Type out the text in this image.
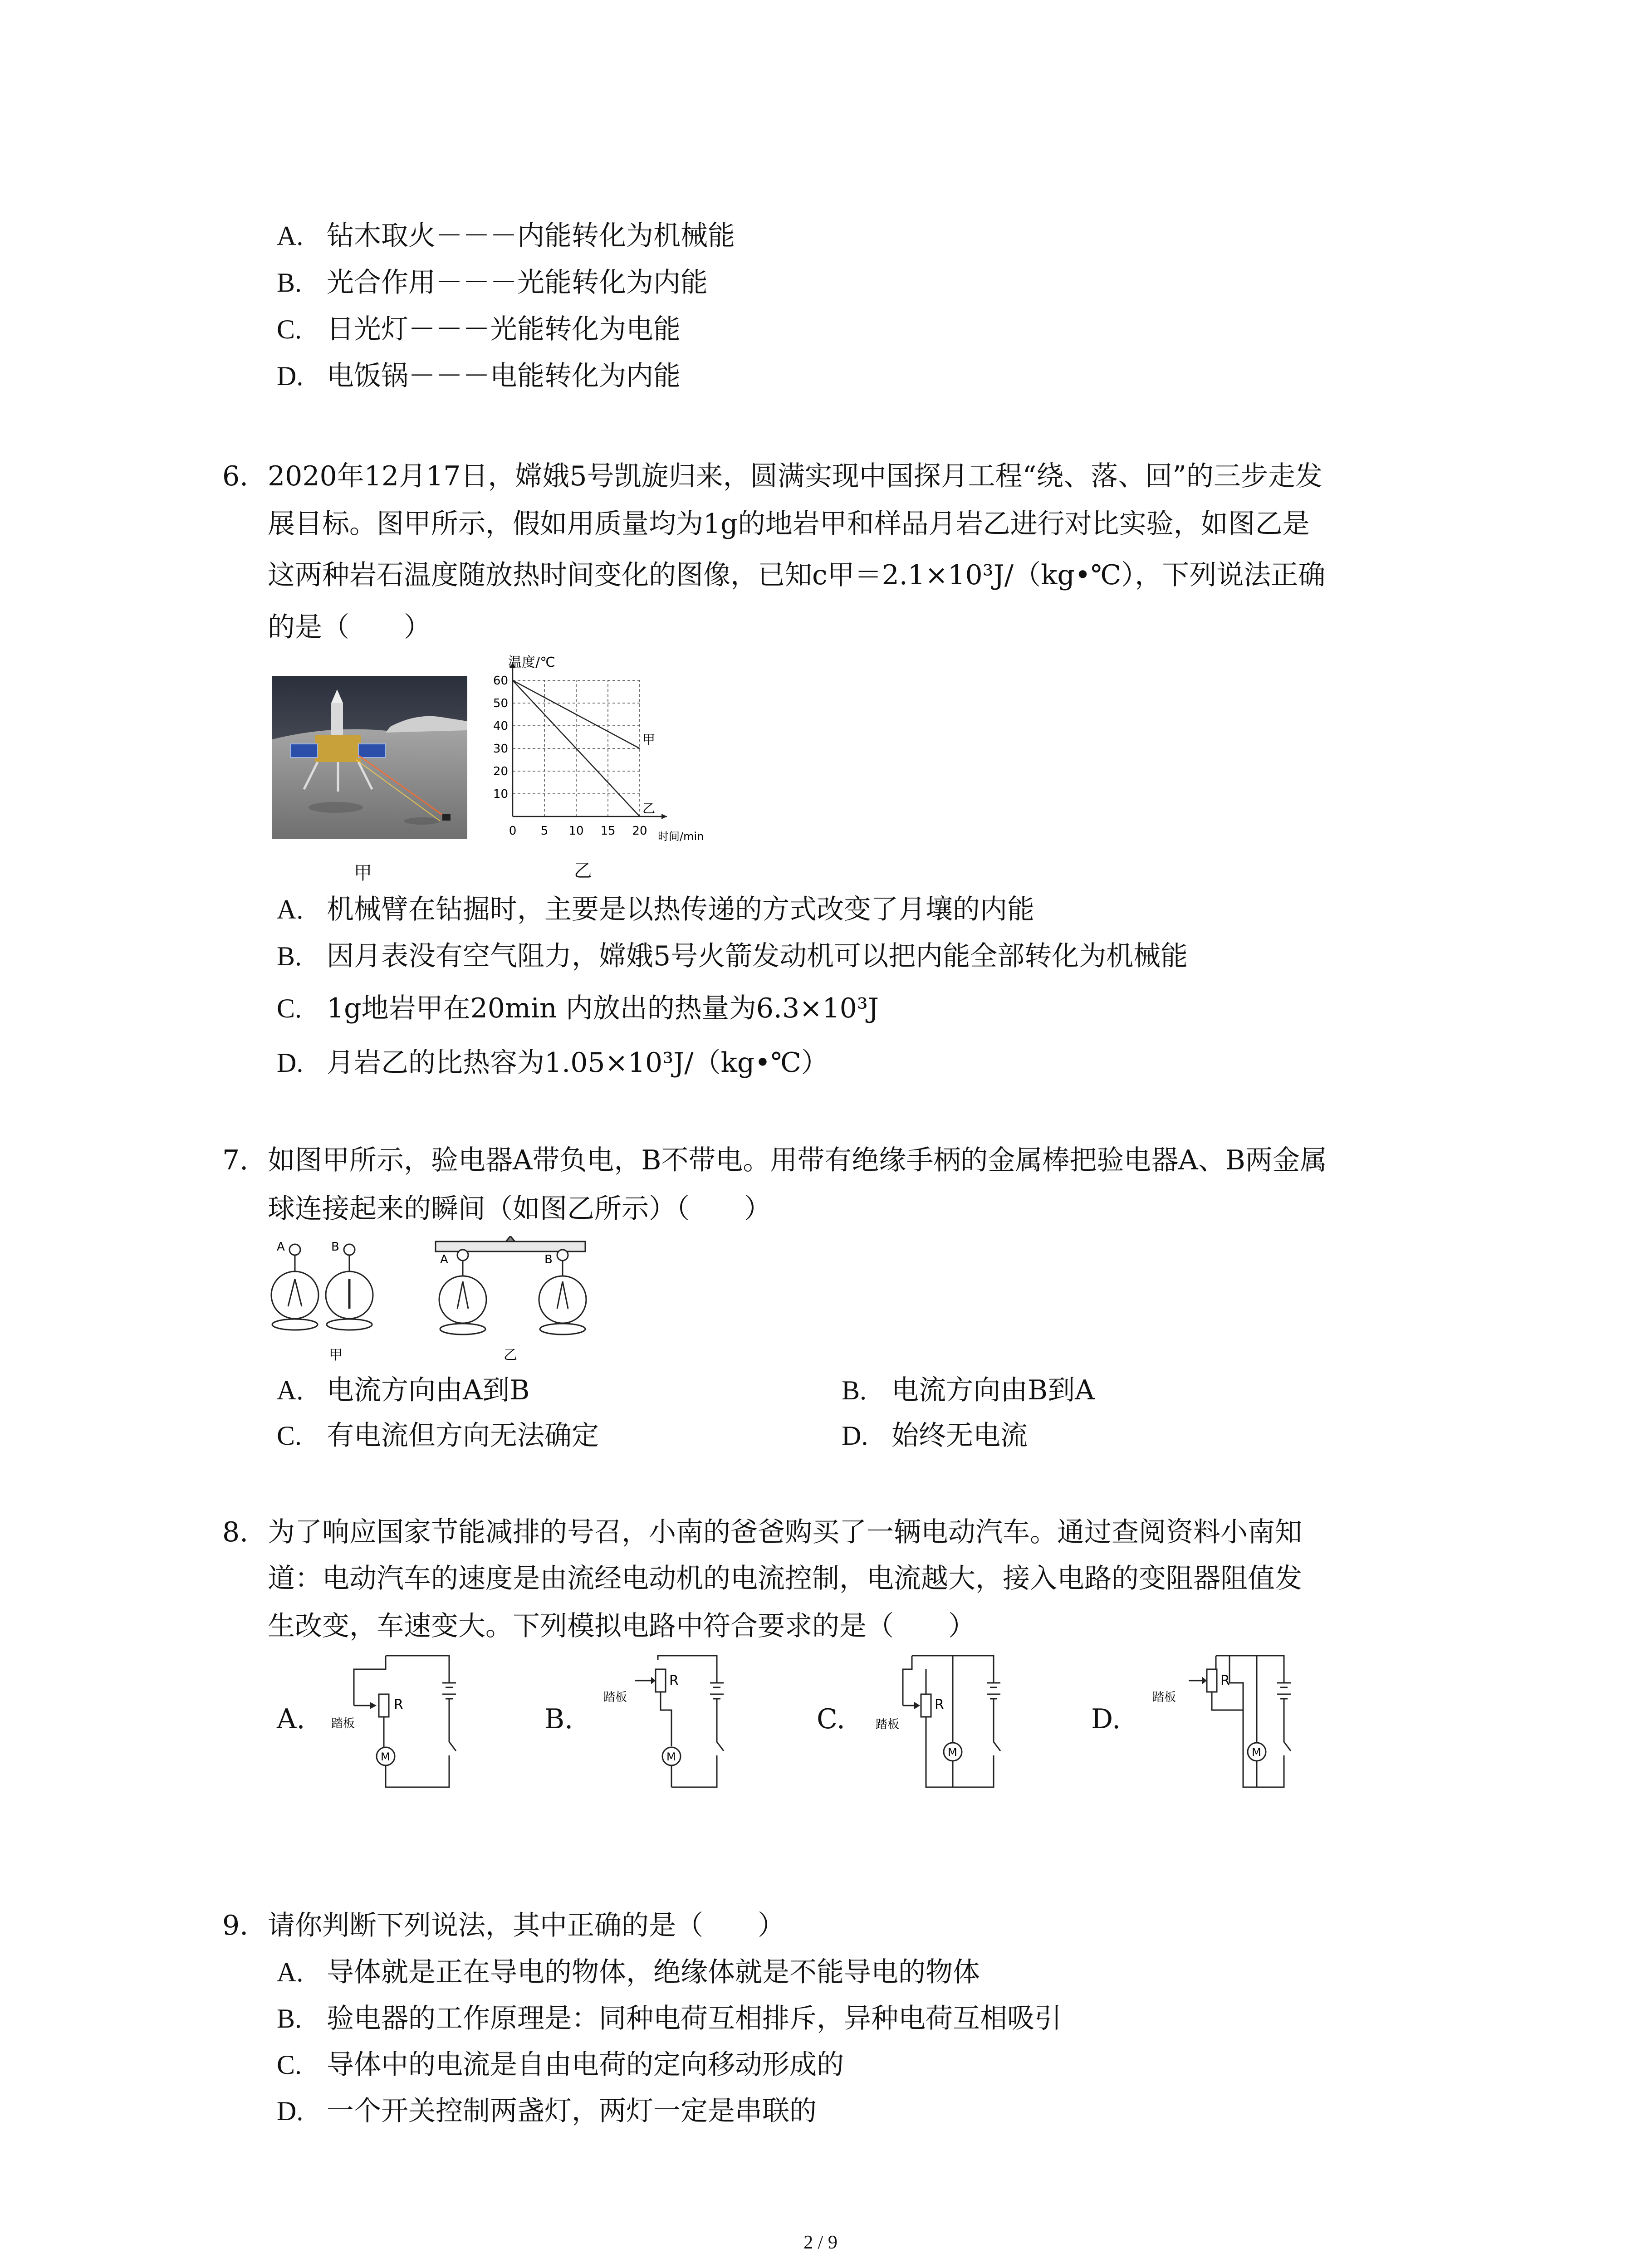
A. 钻木取火－－－内能转化为机械能
B. 光合作用－－－光能转化为内能
C. 日光灯－－－光能转化为电能
D. 电饭锅－－－电能转化为内能
6. 2020年12月17日，嫦娥5号凯旋归来，圆满实现中国探月工程“绕、落、回”的三步走发
展目标。图甲所示，假如用质量均为1g的地岩甲和样品月岩乙进行对比实验，如图乙是
这两种岩石温度随放热时间变化的图像，已知c甲＝2.1×10³J/（kg•℃），下列说法正确
的是（　　）
甲
甲
乙
10
20
30
40
50
60
0 5 10 15 20
温度/℃
时间/min
乙
A. 机械臂在钻掘时，主要是以热传递的方式改变了月壤的内能
B. 因月表没有空气阻力，嫦娥5号火箭发动机可以把内能全部转化为机械能
C. 1g地岩甲在20min 内放出的热量为6.3×10³J
D. 月岩乙的比热容为1.05×10³J/（kg•℃）
7. 如图甲所示，验电器A带负电，B不带电。用带有绝缘手柄的金属棒把验电器A、B两金属
球连接起来的瞬间（如图乙所示）（　　）
A	B
A	B
甲	乙
A. 电流方向由A到B	B. 电流方向由B到A
C. 有电流但方向无法确定	D. 始终无电流
8. 为了响应国家节能减排的号召，小南的爸爸购买了一辆电动汽车。通过查阅资料小南知
道：电动汽车的速度是由流经电动机的电流控制，电流越大，接入电路的变阻器阻值发
生改变，车速变大。下列模拟电路中符合要求的是（　　）
A.	B.	C.	D.
R
踏板
M
R
踏板
M
R
踏板
M
R
踏板
M
9. 请你判断下列说法，其中正确的是（　　）
A. 导体就是正在导电的物体，绝缘体就是不能导电的物体
B. 验电器的工作原理是：同种电荷互相排斥，异种电荷互相吸引
C. 导体中的电流是自由电荷的定向移动形成的
D. 一个开关控制两盏灯，两灯一定是串联的
2 / 9
